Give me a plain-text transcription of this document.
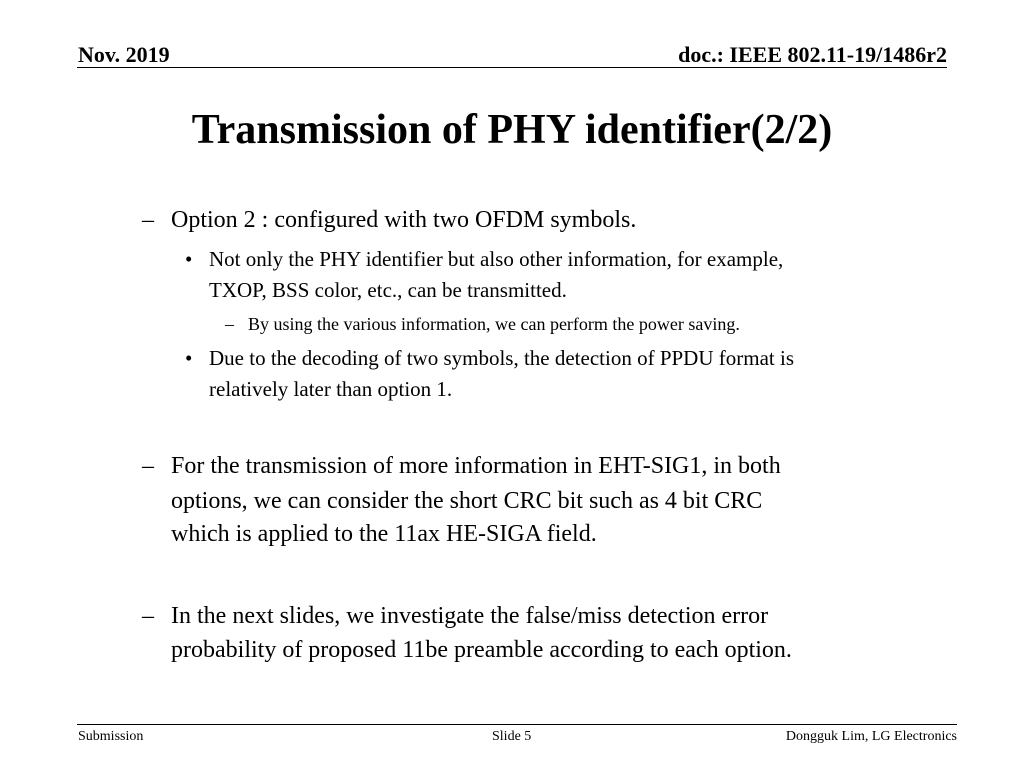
Nov. 2019	doc.: IEEE 802.11-19/1486r2
Transmission of PHY identifier(2/2)
– Option 2 : configured with two OFDM symbols.
• Not only the PHY identifier but also other information, for example,
TXOP, BSS color, etc., can be transmitted.
– By using the various information, we can perform the power saving.
• Due to the decoding of two symbols, the detection of PPDU format is
relatively later than option 1.
– For the transmission of more information in EHT-SIG1, in both
options, we can consider the short CRC bit such as 4 bit CRC
which is applied to the 11ax HE-SIGA field.
– In the next slides, we investigate the false/miss detection error
probability of proposed 11be preamble according to each option.
Submission	Slide 5	Dongguk Lim, LG Electronics
